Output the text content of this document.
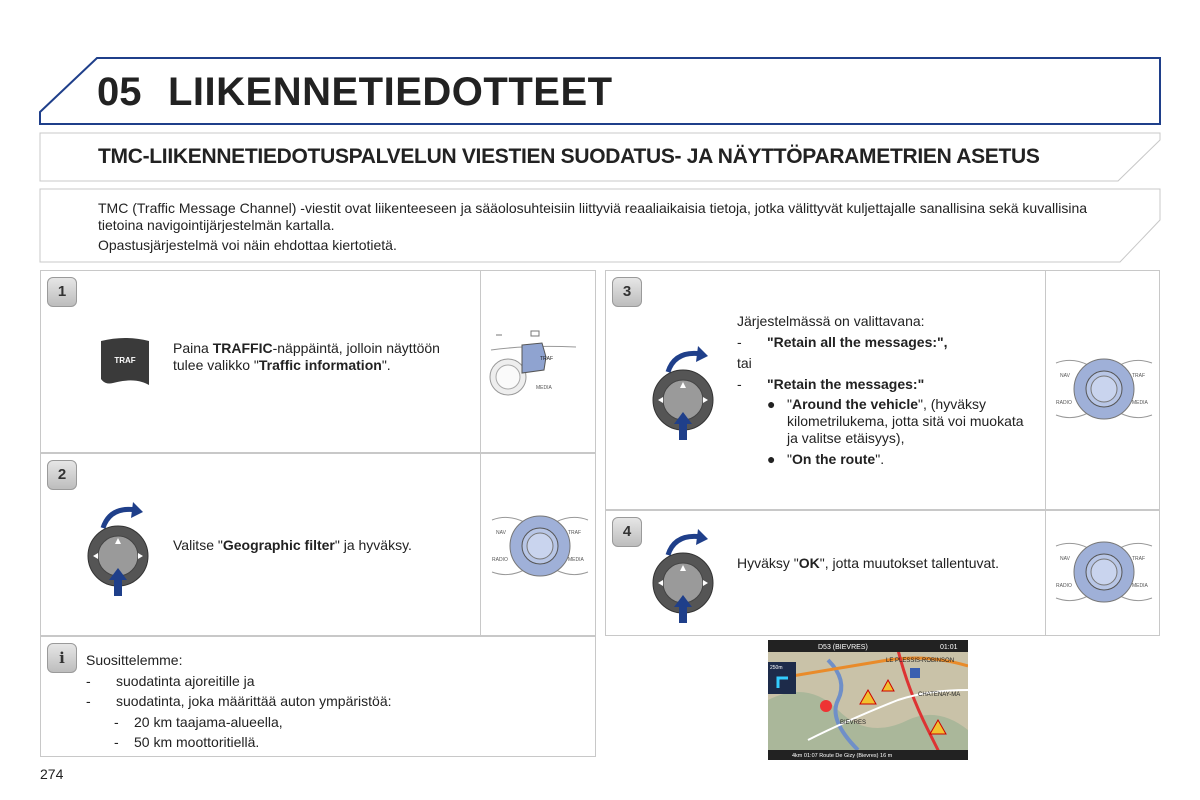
05 LIIKENNETIEDOTTEET
TMC-LIIKENNETIEDOTUSPALVELUN VIESTIEN SUODATUS- JA NÄYTTÖPARAMETRIEN ASETUS

TMC (Traffic Message Channel) -viestit ovat liikenteeseen ja sääolosuhteisiin liittyviä reaaliaikaisia tietoja, jotka välittyvät kuljettajalle sanallisina sekä kuvallisina tietoina navigointijärjestelmän kartalla.

Opastusjärjestelmä voi näin ehdottaa kiertotietä.

1
TRAF
Paina TRAFFIC-näppäintä, jolloin näyttöön tulee valikko "Traffic information".	TRAF
MEDIA
2
Valitse "Geographic filter" ja hyväksy.
NAV	TRAF
RADIO	MEDIA
i	Suosittelemme:
- suodatinta ajoreitille ja
- suodatinta, joka määrittää auton ympäristöä:
- 20 km taajama-alueella,
- 50 km moottoritiellä.
3
Järjestelmässä on valittavana:
- "Retain all the messages:",
tai
- "Retain the messages:"
● "Around the vehicle", (hyväksy kilometrilukema, jotta sitä voi muokata ja valitse etäisyys),
● "On the route".
NAV	TRAF
RADIO	MEDIA
4
Hyväksy "OK", jotta muutokset tallentuvat.	NAV	TRAF
RADIO	MEDIA
D53 (BIEVRES)	01:01
250m
LE PLESSIS-ROBINSON
CHATENAY-MA
BIEVRES
4km 01:07 Route De Gizy (Bievres) 16 m
274
